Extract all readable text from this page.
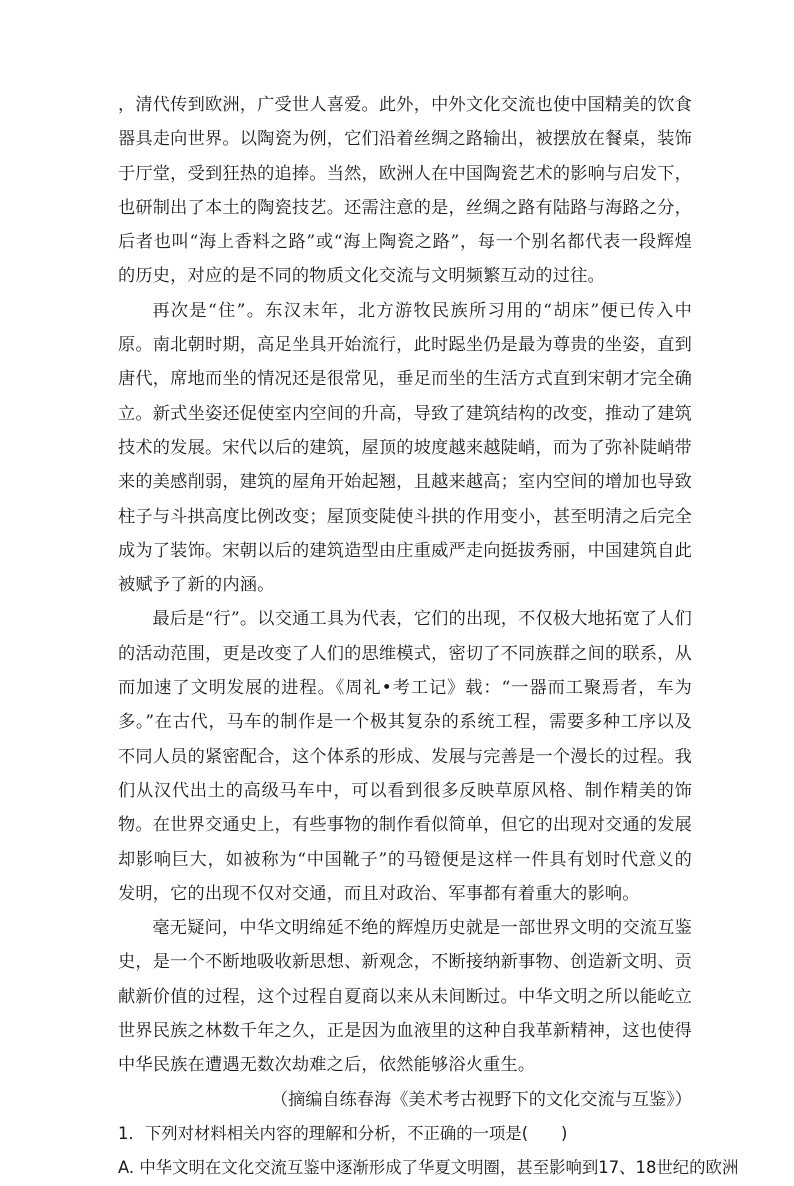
，清代传到欧洲，广受世人喜爱。此外，中外文化交流也使中国精美的饮食器具走向世界。以陶瓷为例，它们沿着丝绸之路输出，被摆放在餐桌，装饰于厅堂，受到狂热的追捧。当然，欧洲人在中国陶瓷艺术的影响与启发下，也研制出了本土的陶瓷技艺。还需注意的是，丝绸之路有陆路与海路之分，后者也叫“海上香料之路”或“海上陶瓷之路”，每一个别名都代表一段辉煌的历史，对应的是不同的物质文化交流与文明频繁互动的过往。

再次是“住”。东汉末年，北方游牧民族所习用的“胡床”便已传入中原。南北朝时期，高足坐具开始流行，此时跽坐仍是最为尊贵的坐姿，直到唐代，席地而坐的情况还是很常见，垂足而坐的生活方式直到宋朝才完全确立。新式坐姿还促使室内空间的升高，导致了建筑结构的改变，推动了建筑技术的发展。宋代以后的建筑，屋顶的坡度越来越陡峭，而为了弥补陡峭带来的美感削弱，建筑的屋角开始起翘，且越来越高；室内空间的增加也导致柱子与斗拱高度比例改变；屋顶变陡使斗拱的作用变小，甚至明清之后完全成为了装饰。宋朝以后的建筑造型由庄重威严走向挺拔秀丽，中国建筑自此被赋予了新的内涵。

最后是“行”。以交通工具为代表，它们的出现，不仅极大地拓宽了人们的活动范围，更是改变了人们的思维模式，密切了不同族群之间的联系，从而加速了文明发展的进程。《周礼•考工记》载：“一器而工聚焉者，车为多。”在古代，马车的制作是一个极其复杂的系统工程，需要多种工序以及不同人员的紧密配合，这个体系的形成、发展与完善是一个漫长的过程。我们从汉代出土的高级马车中，可以看到很多反映草原风格、制作精美的饰物。在世界交通史上，有些事物的制作看似简单，但它的出现对交通的发展却影响巨大，如被称为“中国靴子”的马镫便是这样一件具有划时代意义的发明，它的出现不仅对交通，而且对政治、军事都有着重大的影响。

毫无疑问，中华文明绵延不绝的辉煌历史就是一部世界文明的交流互鉴史，是一个不断地吸收新思想、新观念，不断接纳新事物、创造新文明、贡献新价值的过程，这个过程自夏商以来从未间断过。中华文明之所以能屹立世界民族之林数千年之久，正是因为血液里的这种自我革新精神，这也使得中华民族在遭遇无数次劫难之后，依然能够浴火重生。

（摘编自练春海《美术考古视野下的文化交流与互鉴》）

1．下列对材料相关内容的理解和分析，不正确的一项是(　　)

A. 中华文明在文化交流互鉴中逐渐形成了华夏文明圈，甚至影响到17、18世纪的欧洲
